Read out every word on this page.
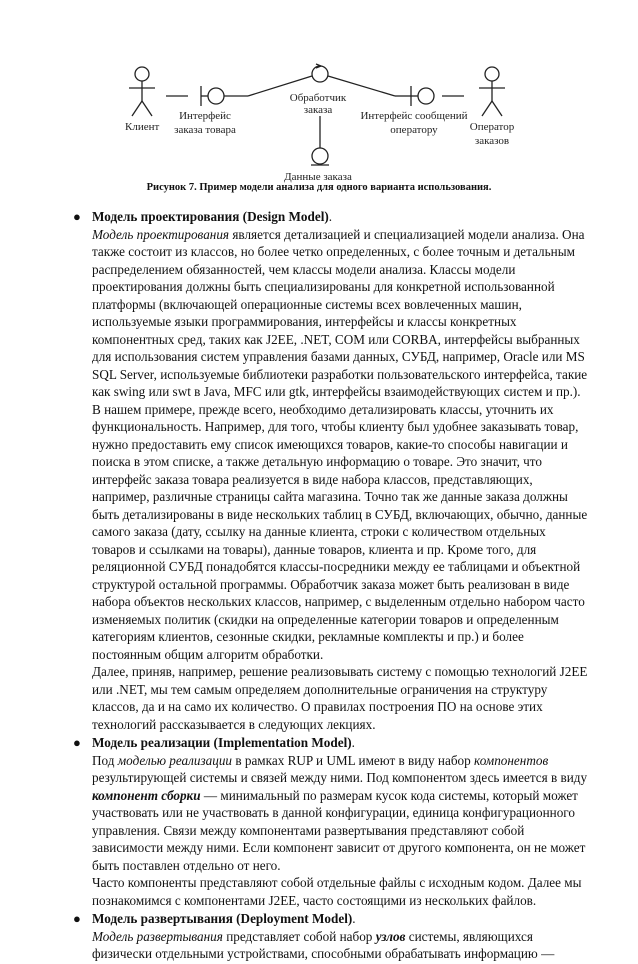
Клиент
Интерфейс
заказа товара
Обработчик
заказа	Интерфейс сообщений
оператору	Оператор
заказов
Данные заказа
Рисунок 7. Пример модели анализа для одного варианта использования.
● Модель проектирования (Design Model).

Модель проектирования является детализацией и специализацией модели анализа. Она также состоит из классов, но более четко определенных, с более точным и детальным распределением обязанностей, чем классы модели анализа. Классы модели проектирования должны быть специализированы для конкретной использованной платформы (включающей операционные системы всех вовлеченных машин, используемые языки программирования, интерфейсы и классы конкретных компонентных сред, таких как J2EE, .NET, COM или CORBA, интерфейсы выбранных для использования систем управления базами данных, СУБД, например, Oracle или MS SQL Server, используемые библиотеки разработки пользовательского интерфейса, такие как swing или swt в Java, MFC или gtk, интерфейсы взаимодействующих систем и пр.).

В нашем примере, прежде всего, необходимо детализировать классы, уточнить их функциональность. Например, для того, чтобы клиенту был удобнее заказывать товар, нужно предоставить ему список имеющихся товаров, какие-то способы навигации и поиска в этом списке, а также детальную информацию о товаре. Это значит, что интерфейс заказа товара реализуется в виде набора классов, представляющих, например, различные страницы сайта магазина. Точно так же данные заказа должны быть детализированы в виде нескольких таблиц в СУБД, включающих, обычно, данные самого заказа (дату, ссылку на данные клиента, строки с количеством отдельных товаров и ссылками на товары), данные товаров, клиента и пр. Кроме того, для реляционной СУБД понадобятся классы-посредники между ее таблицами и объектной структурой остальной программы. Обработчик заказа может быть реализован в виде набора объектов нескольких классов, например, с выделенным отдельно набором часто изменяемых политик (скидки на определенные категории товаров и определенным категориям клиентов, сезонные скидки, рекламные комплекты и пр.) и более постоянным общим алгоритм обработки.

Далее, приняв, например, решение реализовывать систему с помощью технологий J2EE или .NET, мы тем самым определяем дополнительные ограничения на структуру классов, да и на само их количество. О правилах построения ПО на основе этих технологий рассказывается в следующих лекциях.

● Модель реализации (Implementation Model).

Под моделью реализации в рамках RUP и UML имеют в виду набор компонентов результирующей системы и связей между ними. Под компонентом здесь имеется в виду компонент сборки — минимальный по размерам кусок кода системы, который может участвовать или не участвовать в данной конфигурации, единица конфигурационного управления. Связи между компонентами развертывания представляют собой зависимости между ними. Если компонент зависит от другого компонента, он не может быть поставлен отдельно от него.

Часто компоненты представляют собой отдельные файлы с исходным кодом. Далее мы познакомимся с компонентами J2EE, часто состоящими из нескольких файлов.

● Модель развертывания (Deployment Model).

Модель развертывания представляет собой набор узлов системы, являющихся физически отдельными устройствами, способными обрабатывать информацию —
